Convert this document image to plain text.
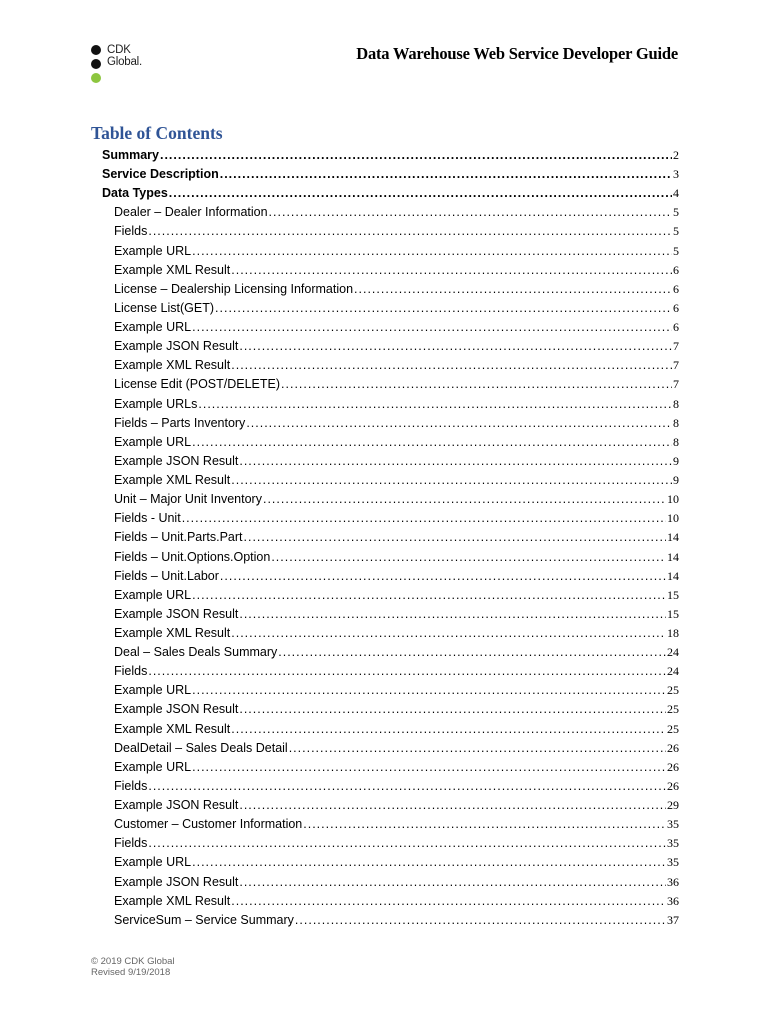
CDK
Global.	Data Warehouse Web Service Developer Guide
Table of Contents
Summary .....	2
Service Description .....	3
Data Types .....	4
Dealer – Dealer Information .....	5
Fields .....	5
Example URL .....	5
Example XML Result .....	6
License – Dealership Licensing Information .....	6
License List(GET) .....	6
Example URL .....	6
Example JSON Result .....	7
Example XML Result .....	7
License Edit (POST/DELETE) .....	7
Example URLs .....	8
Fields – Parts Inventory .....	8
Example URL .....	8
Example JSON Result .....	9
Example XML Result .....	9
Unit – Major Unit Inventory .....	10
Fields - Unit .....	10
Fields – Unit.Parts.Part .....	14
Fields – Unit.Options.Option .....	14
Fields – Unit.Labor .....	14
Example URL .....	15
Example JSON Result .....	15
Example XML Result .....	18
Deal – Sales Deals Summary .....	24
Fields .....	24
Example URL .....	25
Example JSON Result .....	25
Example XML Result .....	25
DealDetail – Sales Deals Detail .....	26
Example URL .....	26
Fields .....	26
Example JSON Result .....	29
Customer – Customer Information .....	35
Fields .....	35
Example URL .....	35
Example JSON Result .....	36
Example XML Result .....	36
ServiceSum – Service Summary .....	37
© 2019 CDK Global
Revised 9/19/2018
